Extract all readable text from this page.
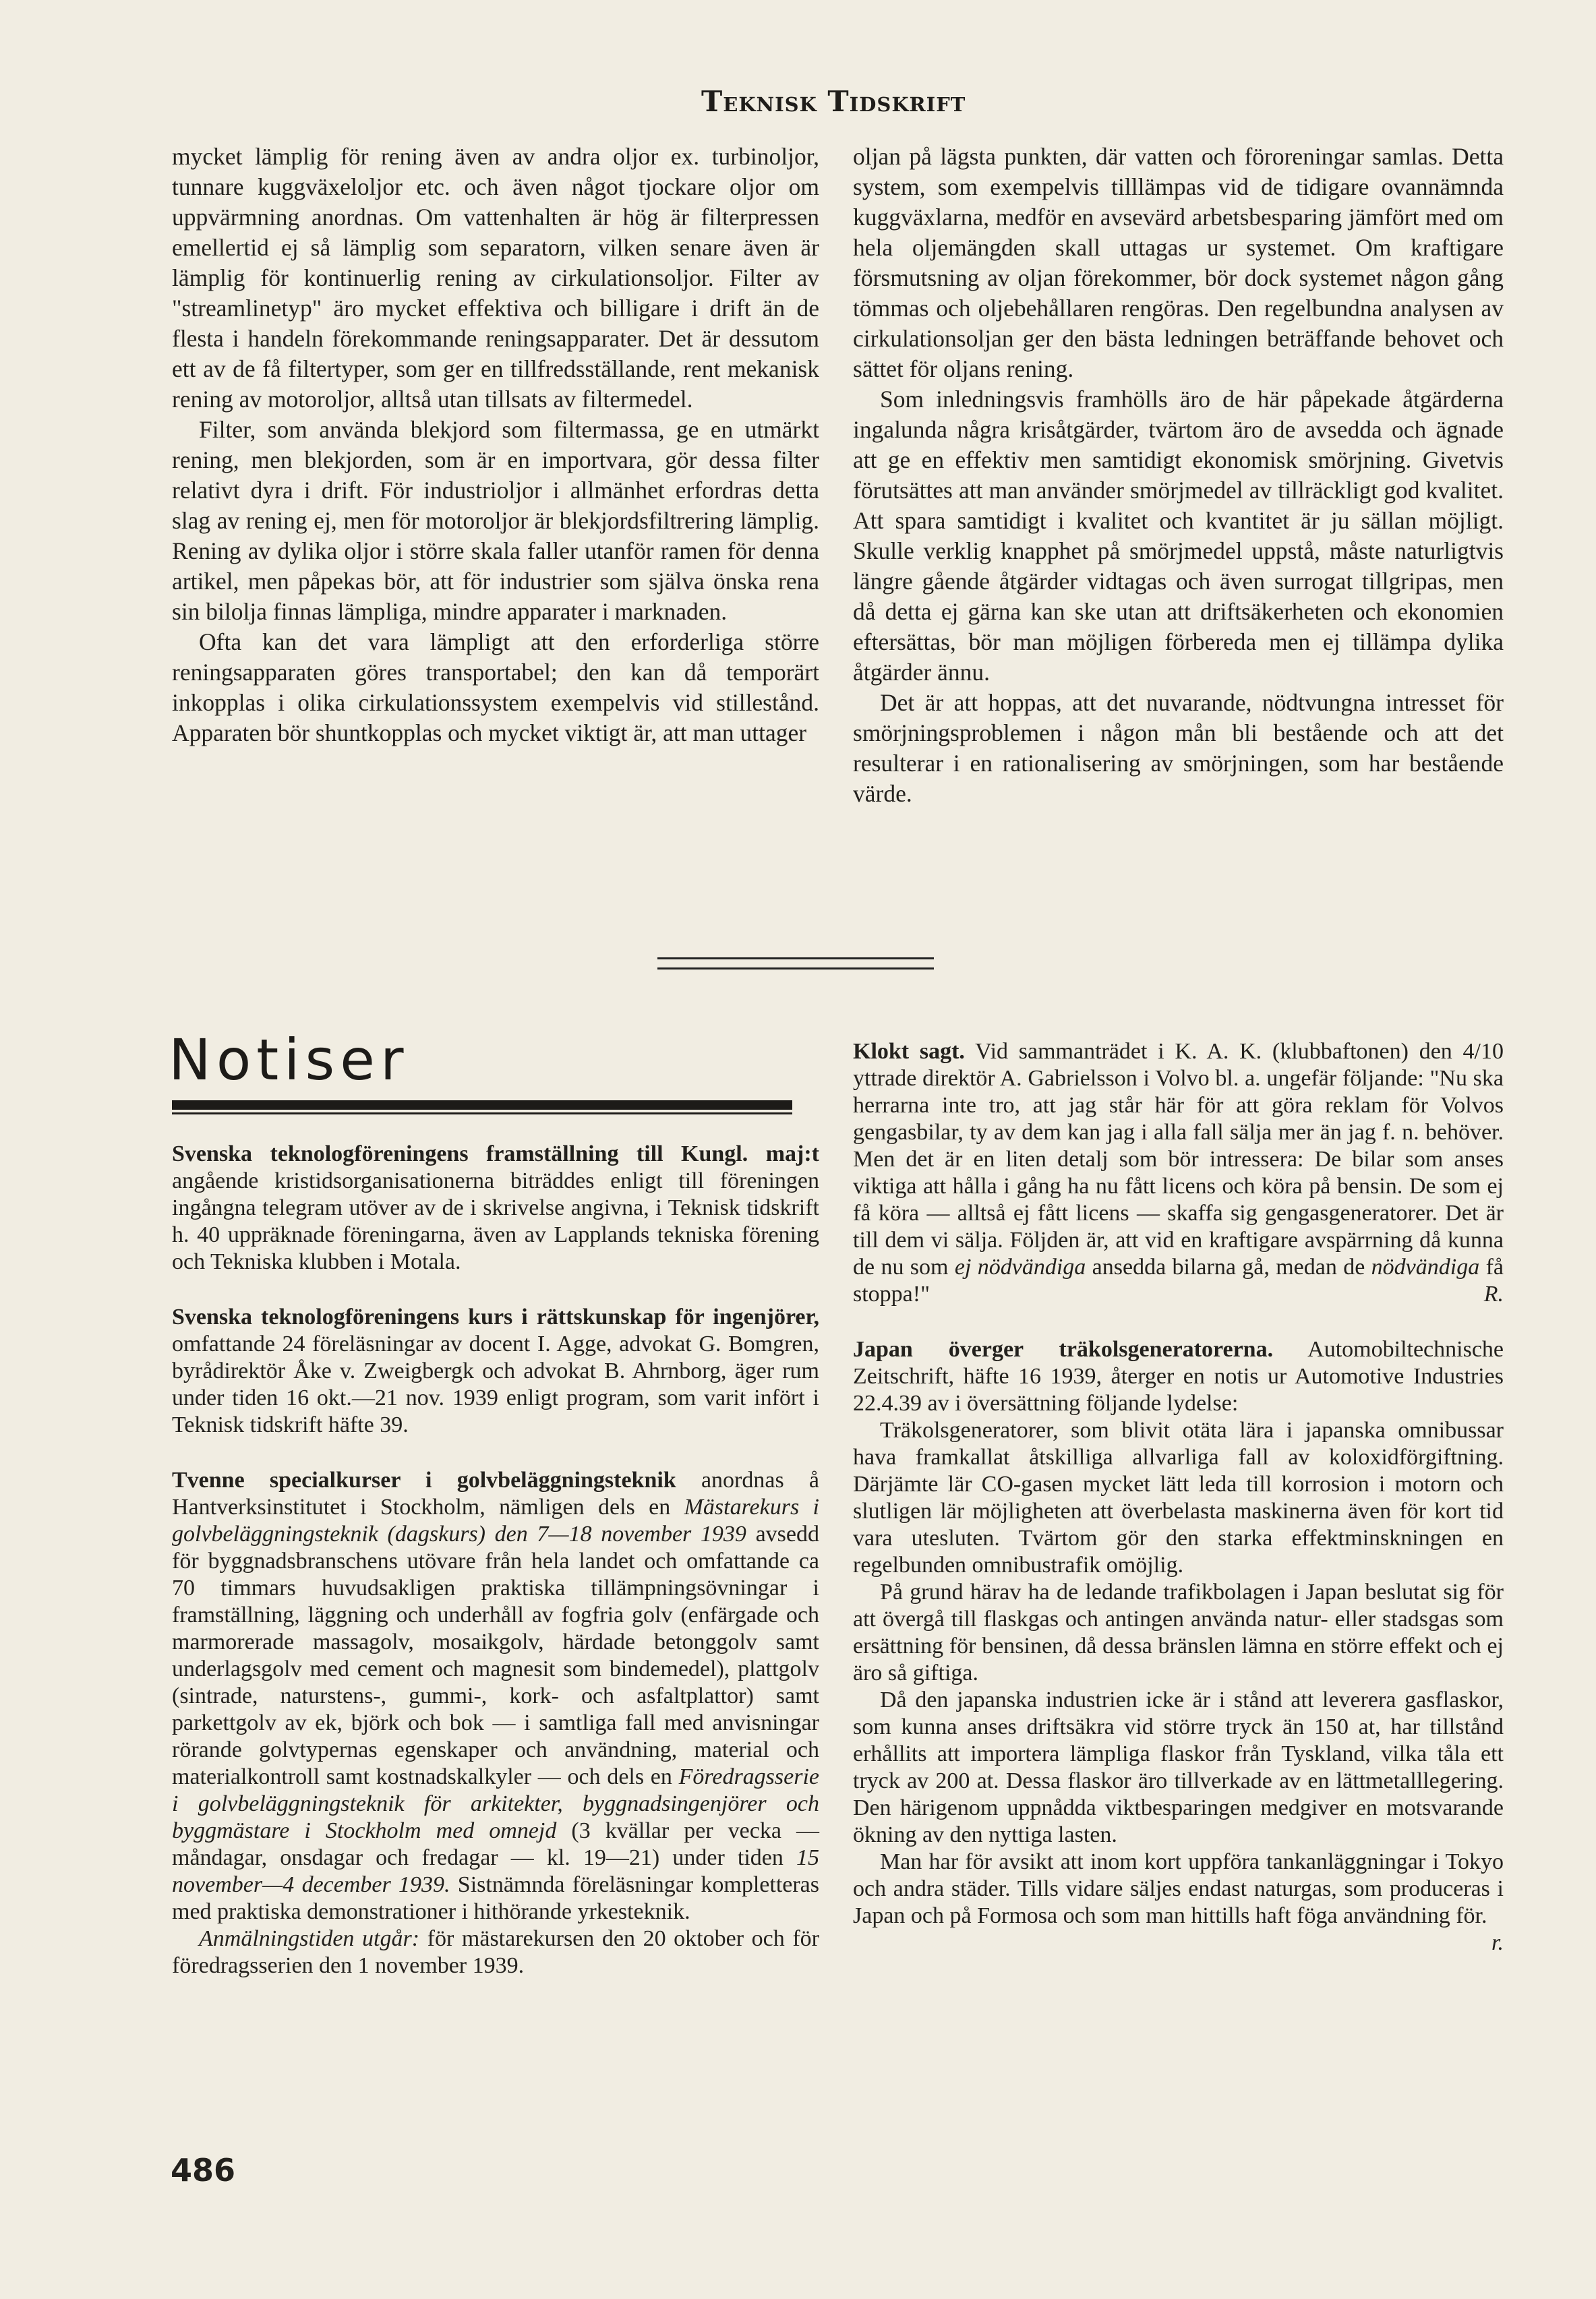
Teknisk Tidskrift

mycket lämplig för rening även av andra oljor ex. turbinoljor, tunnare kuggväxeloljor etc. och även något tjockare oljor om uppvärmning anordnas. Om vattenhalten är hög är filterpressen emellertid ej så lämplig som separatorn, vilken senare även är lämplig för kontinuerlig rening av cirkulationsoljor. Filter av "streamlinetyp" äro mycket effektiva och billigare i drift än de flesta i handeln förekommande reningsapparater. Det är dessutom ett av de få filtertyper, som ger en tillfredsställande, rent mekanisk rening av motoroljor, alltså utan tillsats av filtermedel.

Filter, som använda blekjord som filtermassa, ge en utmärkt rening, men blekjorden, som är en importvara, gör dessa filter relativt dyra i drift. För industrioljor i allmänhet erfordras detta slag av rening ej, men för motoroljor är blekjordsfiltrering lämplig. Rening av dylika oljor i större skala faller utanför ramen för denna artikel, men påpekas bör, att för industrier som själva önska rena sin bilolja finnas lämpliga, mindre apparater i marknaden.

Ofta kan det vara lämpligt att den erforderliga större reningsapparaten göres transportabel; den kan då temporärt inkopplas i olika cirkulationssystem exempelvis vid stillestånd. Apparaten bör shuntkopplas och mycket viktigt är, att man uttager

oljan på lägsta punkten, där vatten och föroreningar samlas. Detta system, som exempelvis tilllämpas vid de tidigare ovannämnda kuggväxlarna, medför en avsevärd arbetsbesparing jämfört med om hela oljemängden skall uttagas ur systemet. Om kraftigare försmutsning av oljan förekommer, bör dock systemet någon gång tömmas och oljebehållaren rengöras. Den regelbundna analysen av cirkulationsoljan ger den bästa ledningen beträffande behovet och sättet för oljans rening.

Som inledningsvis framhölls äro de här påpekade åtgärderna ingalunda några krisåtgärder, tvärtom äro de avsedda och ägnade att ge en effektiv men samtidigt ekonomisk smörjning. Givetvis förutsättes att man använder smörjmedel av tillräckligt god kvalitet. Att spara samtidigt i kvalitet och kvantitet är ju sällan möjligt. Skulle verklig knapphet på smörjmedel uppstå, måste naturligtvis längre gående åtgärder vidtagas och även surrogat tillgripas, men då detta ej gärna kan ske utan att driftsäkerheten och ekonomien eftersättas, bör man möjligen förbereda men ej tillämpa dylika åtgärder ännu.

Det är att hoppas, att det nuvarande, nödtvungna intresset för smörjningsproblemen i någon mån bli bestående och att det resulterar i en rationalisering av smörjningen, som har bestående värde.

Notiser

Svenska teknologföreningens framställning till Kungl. maj:t angående kristidsorganisationerna biträddes enligt till föreningen ingångna telegram utöver av de i skrivelse angivna, i Teknisk tidskrift h. 40 uppräknade föreningarna, även av Lapplands tekniska förening och Tekniska klubben i Motala.

Svenska teknologföreningens kurs i rättskunskap för ingenjörer, omfattande 24 föreläsningar av docent I. Agge, advokat G. Bomgren, byrådirektör Åke v. Zweigbergk och advokat B. Ahrnborg, äger rum under tiden 16 okt.—21 nov. 1939 enligt program, som varit infört i Teknisk tidskrift häfte 39.

Tvenne specialkurser i golvbeläggningsteknik anordnas å Hantverksinstitutet i Stockholm, nämligen dels en Mästarekurs i golvbeläggningsteknik (dagskurs) den 7—18 november 1939 avsedd för byggnadsbranschens utövare från hela landet och omfattande ca 70 timmars huvudsakligen praktiska tillämpningsövningar i framställning, läggning och underhåll av fogfria golv (enfärgade och marmorerade massagolv, mosaikgolv, härdade betonggolv samt underlagsgolv med cement och magnesit som bindemedel), plattgolv (sintrade, naturstens-, gummi-, kork- och asfaltplattor) samt parkettgolv av ek, björk och bok — i samtliga fall med anvisningar rörande golvtypernas egenskaper och användning, material och materialkontroll samt kostnadskalkyler — och dels en Föredragsserie i golvbeläggningsteknik för arkitekter, byggnadsingenjörer och byggmästare i Stockholm med omnejd (3 kvällar per vecka — måndagar, onsdagar och fredagar — kl. 19—21) under tiden 15 november—4 december 1939. Sistnämnda föreläsningar kompletteras med praktiska demonstrationer i hithörande yrkesteknik.

Anmälningstiden utgår: för mästarekursen den 20 oktober och för föredragsserien den 1 november 1939.

Klokt sagt. Vid sammanträdet i K. A. K. (klubbaftonen) den 4/10 yttrade direktör A. Gabrielsson i Volvo bl. a. ungefär följande: "Nu ska herrarna inte tro, att jag står här för att göra reklam för Volvos gengasbilar, ty av dem kan jag i alla fall sälja mer än jag f. n. behöver. Men det är en liten detalj som bör intressera: De bilar som anses viktiga att hålla i gång ha nu fått licens och köra på bensin. De som ej få köra — alltså ej fått licens — skaffa sig gengasgeneratorer. Det är till dem vi sälja. Följden är, att vid en kraftigare avspärrning då kunna de nu som ej nödvändiga ansedda bilarna gå, medan de nödvändiga få stoppa!"	R.

Japan överger träkolsgeneratorerna. Automobiltechnische Zeitschrift, häfte 16 1939, återger en notis ur Automotive Industries 22.4.39 av i översättning följande lydelse:

Träkolsgeneratorer, som blivit otäta lära i japanska omnibussar hava framkallat åtskilliga allvarliga fall av koloxidförgiftning. Därjämte lär CO-gasen mycket lätt leda till korrosion i motorn och slutligen lär möjligheten att överbelasta maskinerna även för kort tid vara utesluten. Tvärtom gör den starka effektminskningen en regelbunden omnibustrafik omöjlig.

På grund härav ha de ledande trafikbolagen i Japan beslutat sig för att övergå till flaskgas och antingen använda natur- eller stadsgas som ersättning för bensinen, då dessa bränslen lämna en större effekt och ej äro så giftiga.

Då den japanska industrien icke är i stånd att leverera gasflaskor, som kunna anses driftsäkra vid större tryck än 150 at, har tillstånd erhållits att importera lämpliga flaskor från Tyskland, vilka tåla ett tryck av 200 at. Dessa flaskor äro tillverkade av en lättmetalllegering. Den härigenom uppnådda viktbesparingen medgiver en motsvarande ökning av den nyttiga lasten.

Man har för avsikt att inom kort uppföra tankanläggningar i Tokyo och andra städer. Tills vidare säljes endast naturgas, som produceras i Japan och på Formosa och som man hittills haft föga användning för.
r.

486
